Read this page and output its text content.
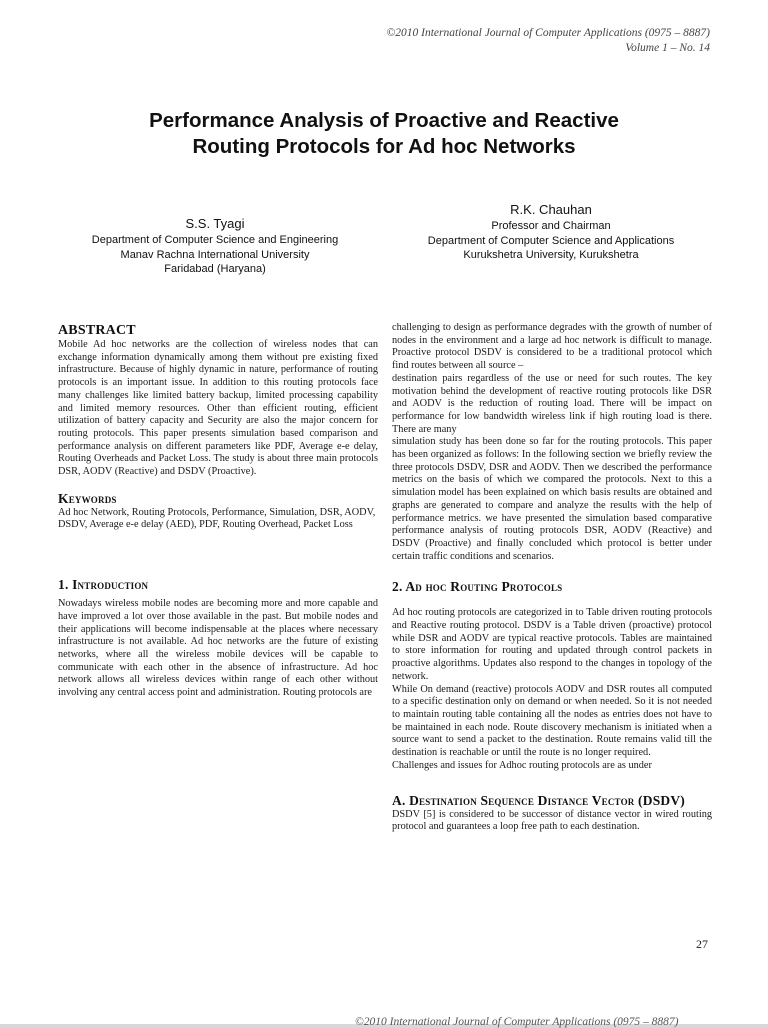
©2010 International Journal of Computer Applications (0975 – 8887)
Volume 1 – No. 14
Performance Analysis of Proactive and Reactive
Routing Protocols for Ad hoc Networks
S.S. Tyagi
Department of Computer Science and Engineering
Manav Rachna International University
Faridabad (Haryana)
R.K. Chauhan
Professor and Chairman
Department of Computer Science and Applications
Kurukshetra University, Kurukshetra
ABSTRACT

Mobile Ad hoc networks are the collection of wireless nodes that can exchange information dynamically among them without pre existing fixed infrastructure. Because of highly dynamic in nature, performance of routing protocols is an important issue. In addition to this routing protocols face many challenges like limited battery backup, limited processing capability and limited memory resources. Other than efficient routing, efficient utilization of battery capacity and Security are also the major concern for routing protocols. This paper presents simulation based comparison and performance analysis on different parameters like PDF, Average e-e delay, Routing Overheads and Packet Loss. The study is about three main protocols DSR, AODV (Reactive) and DSDV (Proactive).

Keywords

Ad hoc Network, Routing Protocols, Performance, Simulation, DSR, AODV, DSDV, Average e-e delay (AED), PDF, Routing Overhead, Packet Loss

1. Introduction

Nowadays wireless mobile nodes are becoming more and more capable and have improved a lot over those available in the past. But mobile nodes and their applications will become indispensable at the places where necessary infrastructure is not available. Ad hoc networks are the future of existing networks, where all the wireless mobile devices will be capable to communicate with each other in the absence of infrastructure. Ad hoc network allows all wireless devices within range of each other without involving any central access point and administration. Routing protocols are

challenging to design as performance degrades with the growth of number of nodes in the environment and a large ad hoc network is difficult to manage. Proactive protocol DSDV is considered to be a traditional protocol which find routes between all source –

destination pairs regardless of the use or need for such routes. The key motivation behind the development of reactive routing protocols like DSR and AODV is the reduction of routing load. There will be impact on performance for low bandwidth wireless link if high routing load is there. There are many

simulation study has been done so far for the routing protocols. This paper has been organized as follows: In the following section we briefly review the three protocols DSDV, DSR and AODV. Then we described the performance metrics on the basis of which we compared the protocols. Next to this a simulation model has been explained on which basis results are obtained and graphs are generated to compare and analyze the results with the help of performance metrics. we have presented the simulation based comparative performance analysis of routing protocols DSR, AODV (Reactive) and DSDV (Proactive) and finally concluded which protocol is better under certain traffic conditions and scenarios.

2. Ad hoc Routing Protocols

Ad hoc routing protocols are categorized in to Table driven routing protocols and Reactive routing protocol. DSDV is a Table driven (proactive) protocol while DSR and AODV are typical reactive protocols. Tables are maintained to store information for routing and updated through control packets in proactive algorithms. Updates also respond to the changes in topology of the network.

While On demand (reactive) protocols AODV and DSR routes all computed to a specific destination only on demand or when needed. So it is not needed to maintain routing table containing all the nodes as entries does not have to be maintained in each node. Route discovery mechanism is initiated when a source want to send a packet to the destination. Route remains valid till the destination is reachable or until the route is no longer required.

Challenges and issues for Adhoc routing protocols are as under

A. Destination Sequence Distance Vector (DSDV)

DSDV [5] is considered to be successor of distance vector in wired routing protocol and guarantees a loop free path to each destination.

27
©2010 International Journal of Computer Applications (0975 – 8887)
